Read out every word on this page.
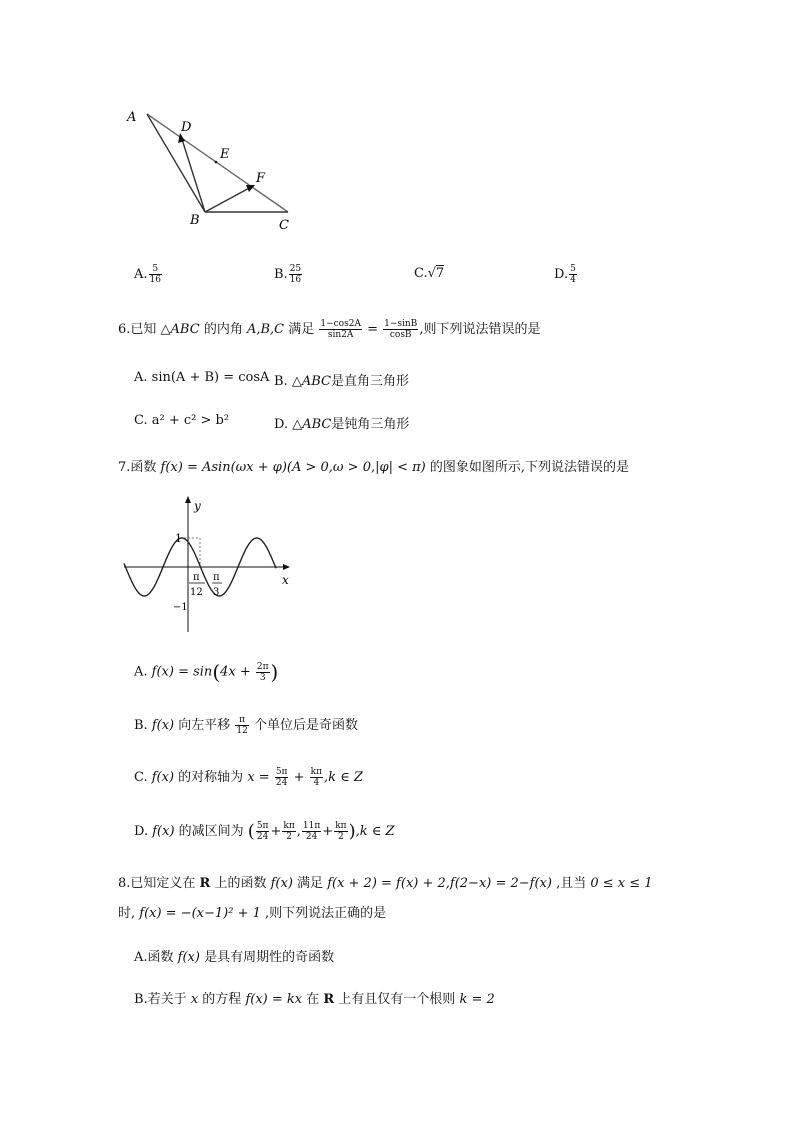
A
D
E
F
B	C
A. $\frac{5}{16}$	B. $\frac{25}{16}$	C.√7	D. $\frac{5}{4}$
6.已知 △ABC 的内角 A,B,C 满足 $\frac{1-\cos 2A}{\sin 2A} = \frac{1-\sin B}{\cos B}$ ,则下列说法错误的是
A. sin(A + B) = cosA B. △ABC是直角三角形
C. a² + c² > b²	D. △ABC是钝角三角形
7.函数 f(x) = Asin(ωx + φ)(A > 0,ω > 0,|φ| < π) 的图象如图所示,下列说法错误的是
y
x
1
−1
π
12
π
3
A. $f(x) = \sin(4x + \frac{2\pi}{3}$ )
B. f(x) 向左平移 $\frac{\pi}{12}$ 个单位后是奇函数
C. f(x) 的对称轴为 $x = \frac{5\pi}{24} + \frac{k\pi}{4} ,k$ ∈ Z
D. f(x) 的减区间为 ( $\frac{5\pi}{24} + \frac{k\pi}{2}$ , $\frac{11\pi}{24} + \frac{k\pi}{2} ),k$ ∈ Z
8.已知定义在 R 上的函数 f(x) 满足 f(x + 2) = f(x) + 2,f(2−x) = 2−f(x) ,且当 0 ≤ x ≤ 1
时, f(x) = −(x−1)² + 1 ,则下列说法正确的是
A.函数 f(x) 是具有周期性的奇函数
B.若关于 x 的方程 f(x) = kx 在 R 上有且仅有一个根则 k = 2
